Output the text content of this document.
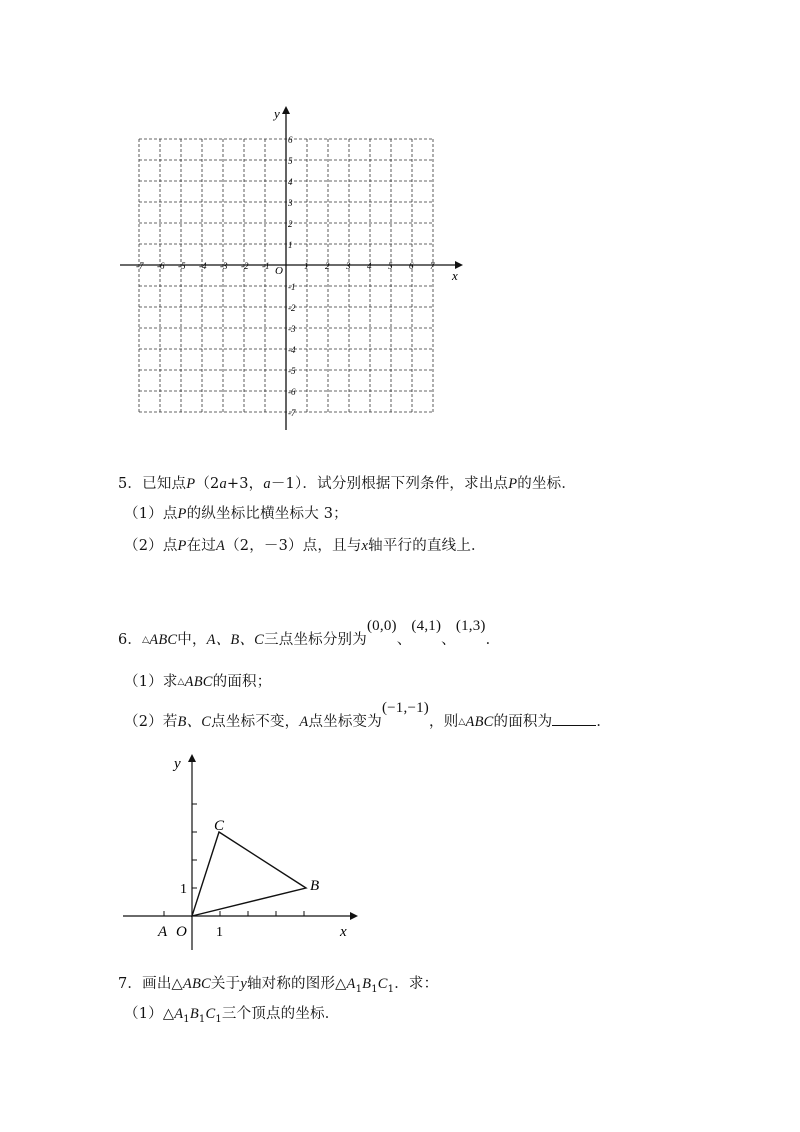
x
y
O
-7 -6 -5 -4 -3 -2 -1	1 2 3 4 5 6 7
6
5
4
3
2
1
-1
-2
-3
-4
-5
-6
-7
5．已知点P（2a+3，a－1）．试分别根据下列条件，求出点P的坐标．
（1）点P的纵坐标比横坐标大 3；
（2）点P在过A（2，－3）点，且与x轴平行的直线上．
6．△ABC中，A、B、C三点坐标分别为(0,0)、(4,1)、(1,3)．
（1）求△ABC的面积；
（2）若B、C点坐标不变，A点坐标变为(−1,−1)，则△ABC的面积为	．
y
x
O
A
B
C
1
1
7．画出△ABC关于y轴对称的图形$\triangle A_1B_1C_1$．求：
$(1)\triangle A_1B_1C_1$三个顶点的坐标．
